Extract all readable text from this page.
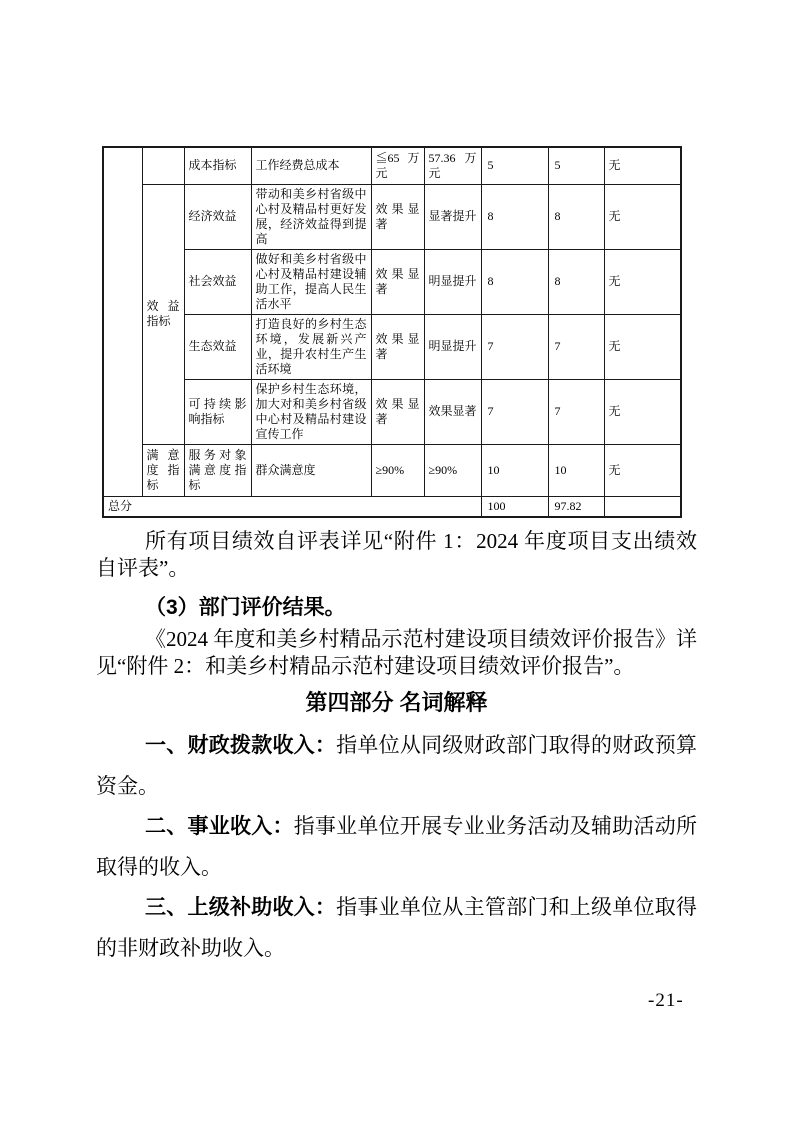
		成本指标	工作经费总成本	≦65 万元	57.36 万元	5	5	无
	效益指标	经济效益	带动和美乡村省级中心村及精品村更好发展，经济效益得到提高	效果显著	显著提升	8	8	无
		社会效益	做好和美乡村省级中心村及精品村建设辅助工作，提高人民生活水平	效果显著	明显提升	8	8	无
		生态效益	打造良好的乡村生态环境，发展新兴产业，提升农村生产生活环境	效果显著	明显提升	7	7	无
		可持续影响指标	保护乡村生态环境，加大对和美乡村省级中心村及精品村建设宣传工作	效果显著	效果显著	7	7	无
	满意度指标	服务对象满意度指标	群众满意度	≥90%	≥90%	10	10	无
总分						100	97.82	

所有项目绩效自评表详见“附件 1：2024 年度项目支出绩效自评表”。

（3）部门评价结果。

《2024 年度和美乡村精品示范村建设项目绩效评价报告》详见“附件 2：和美乡村精品示范村建设项目绩效评价报告”。

第四部分 名词解释

一、财政拨款收入：指单位从同级财政部门取得的财政预算资金。

二、事业收入：指事业单位开展专业业务活动及辅助活动所取得的收入。

三、上级补助收入：指事业单位从主管部门和上级单位取得的非财政补助收入。

-21-
